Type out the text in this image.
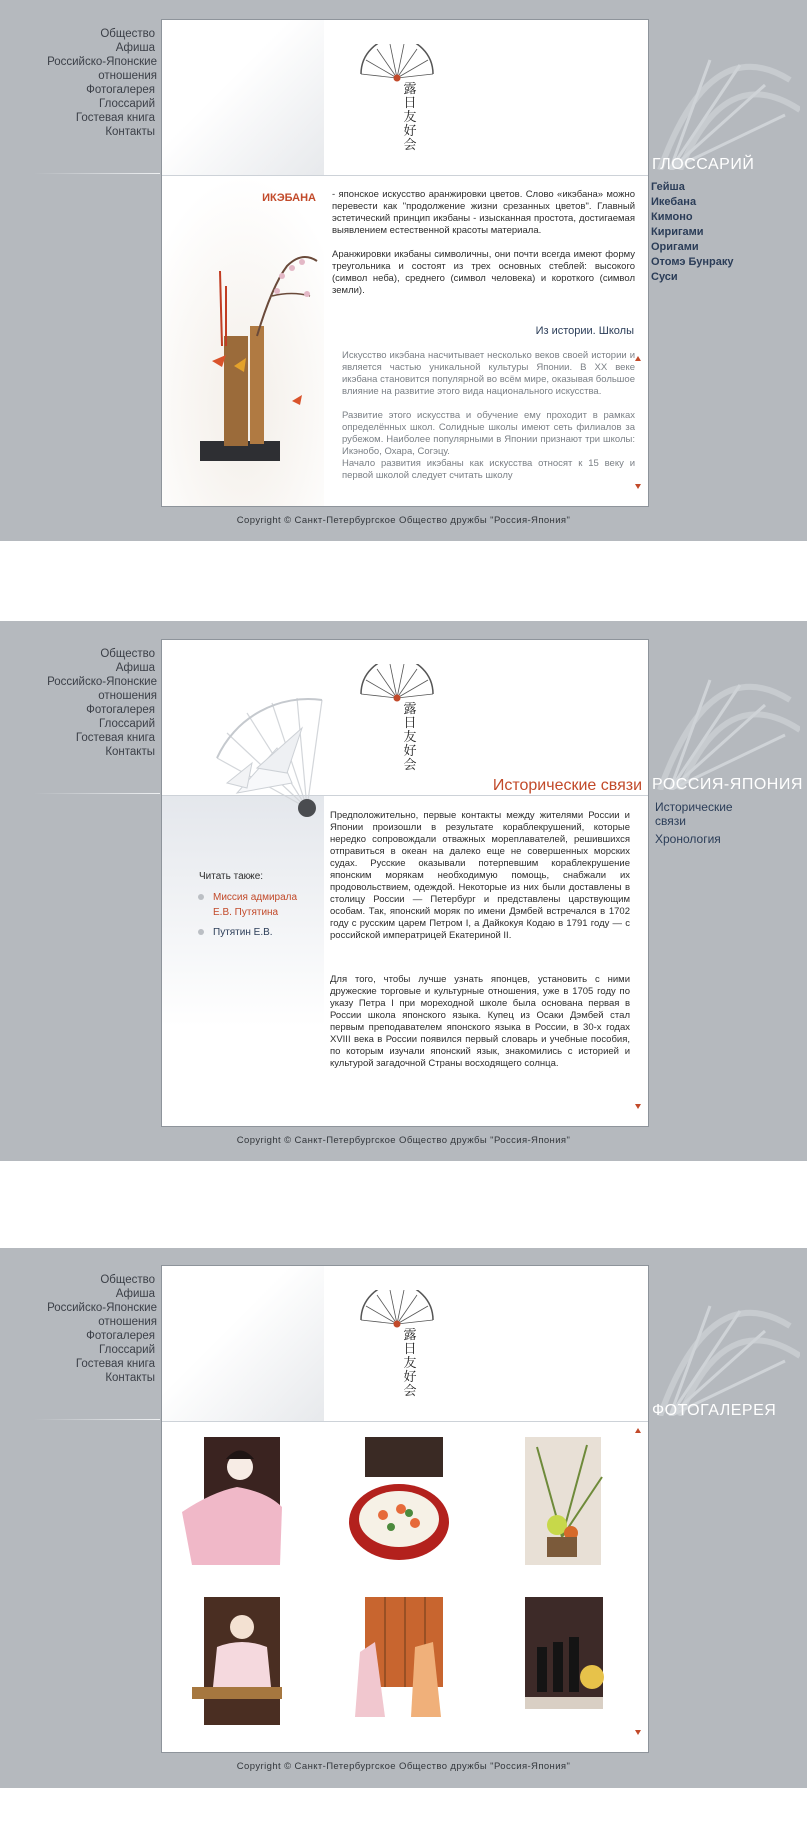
Общество
Афиша
Российско-Японские отношения
Фотогалерея
Глоссарий
Гостевая книга
Контакты
ГЛОССАРИЙ
Гейша
Икебана
Кимоно
Киригами
Оригами
Отомэ Бунраку
Суси
露
日
友
好
会
ИКЭБАНА - японское искусство аранжировки цветов. Слово «икэбана» можно перевести как "продолжение жизни срезанных цветов". Главный эстетический принцип икэбаны - изысканная простота, достигаемая выявлением естественной красоты материала.
Аранжировки икэбаны символичны, они почти всегда имеют форму треугольника и состоят из трех основных стеблей: высокого (символ неба), среднего (символ человека) и короткого (символ земли).
Из истории. Школы
Искусство икэбана насчитывает несколько веков своей истории и является частью уникальной культуры Японии. В XX веке икэбана становится популярной во всём мире, оказывая большое влияние на развитие этого вида национального искусства.
Развитие этого искусства и обучение ему проходит в рамках определённых школ. Солидные школы имеют сеть филиалов за рубежом. Наиболее популярными в Японии признают три школы: Икэнобо, Охара, Согэцу.
Начало развития икэбаны как искусства относят к 15 веку и первой школой следует считать школу
Copyright © Санкт-Петербургское Общество дружбы "Россия-Япония"
Общество
Афиша
Российско-Японские отношения
Фотогалерея
Глоссарий
Гостевая книга
Контакты
РОССИЯ-ЯПОНИЯ
Исторические связи
Хронология
露
日
友
好
会
Исторические связи
Читать также:
Миссия адмирала Е.В. Путятина
Путятин Е.В.
Предположительно, первые контакты между жителями России и Японии произошли в результате кораблекрушений, которые нередко сопровождали отважных мореплавателей, решившихся отправиться в океан на далеко еще не совершенных морских судах. Русские оказывали потерпевшим кораблекрушение японским морякам необходимую помощь, снабжали их продовольствием, одеждой. Некоторые из них были доставлены в столицу России — Петербург и представлены царствующим особам. Так, японский моряк по имени Дэмбей встречался в 1702 году с русским царем Петром I, а Дайкокуя Кодаю в 1791 году — с российской императрицей Екатериной II.
Для того, чтобы лучше узнать японцев, установить с ними дружеские торговые и культурные отношения, уже в 1705 году по указу Петра I при мореходной школе была основана первая в России школа японского языка. Купец из Осаки Дэмбей стал первым преподавателем японского языка в России, в 30-х годах XVIII века в России появился первый словарь и учебные пособия, по которым изучали японский язык, знакомились с историей и культурой загадочной Страны восходящего солнца.
Copyright © Санкт-Петербургское Общество дружбы "Россия-Япония"
Общество
Афиша
Российско-Японские отношения
Фотогалерея
Глоссарий
Гостевая книга
Контакты
ФОТОГАЛЕРЕЯ
露
日
友
好
会
Copyright © Санкт-Петербургское Общество дружбы "Россия-Япония"
